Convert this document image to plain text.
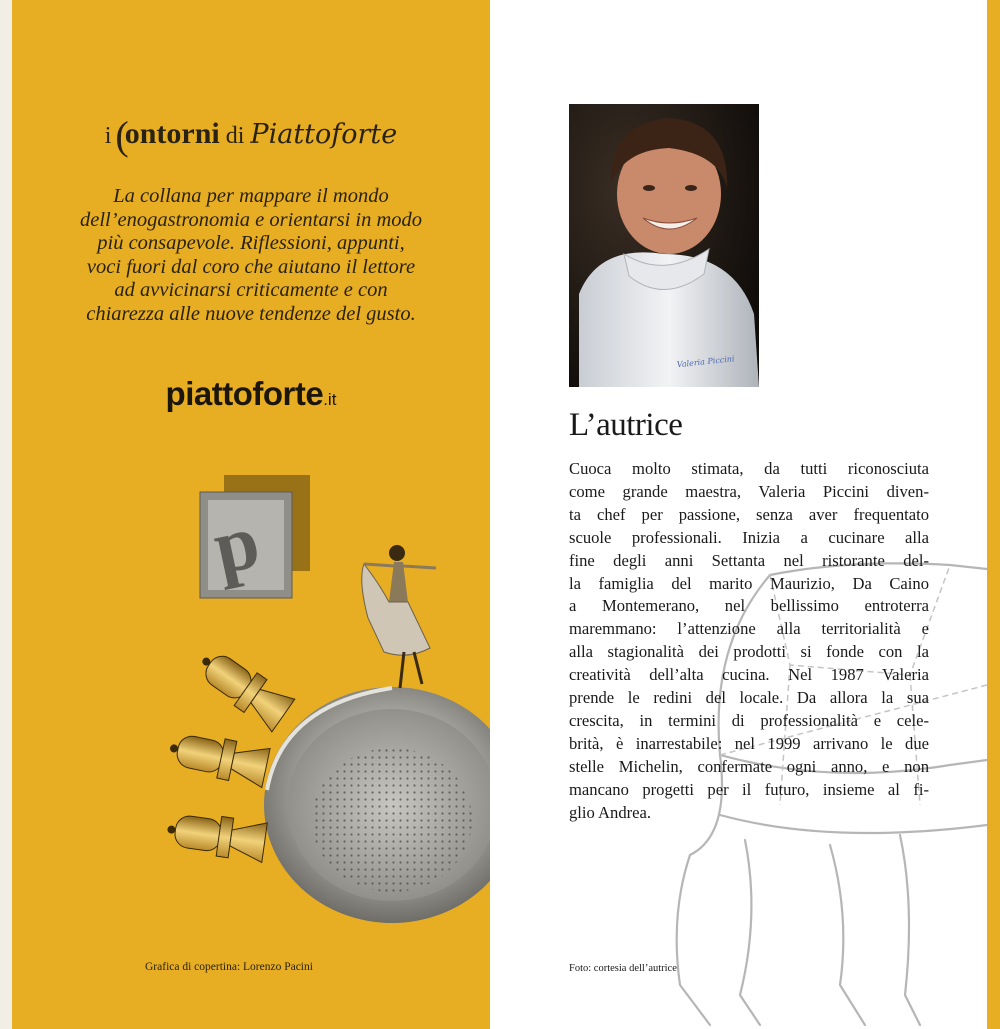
i (ontorni di Piattoforte
La collana per mappare il mondo
dell’enogastronomia e orientarsi in modo
più consapevole. Riflessioni, appunti,
voci fuori dal coro che aiutano il lettore
ad avvicinarsi criticamente e con
chiarezza alle nuove tendenze del gusto.
piattoforte.it
p
Grafica di copertina: Lorenzo Pacini
Valeria Piccini
L’autrice

Cuoca molto stimata, da tutti riconosciuta
come grande maestra, Valeria Piccini diven-
ta chef per passione, senza aver frequentato
scuole professionali. Inizia a cucinare alla
fine degli anni Settanta nel ristorante del-
la famiglia del marito Maurizio, Da Caino
a Montemerano, nel bellissimo entroterra
maremmano: l’attenzione alla territorialità e
alla stagionalità dei prodotti si fonde con la
creatività dell’alta cucina. Nel 1987 Valeria
prende le redini del locale. Da allora la sua
crescita, in termini di professionalità e cele-
brità, è inarrestabile: nel 1999 arrivano le due
stelle Michelin, confermate ogni anno, e non
mancano progetti per il futuro, insieme al fi-
glio Andrea.

Foto: cortesia dell’autrice
